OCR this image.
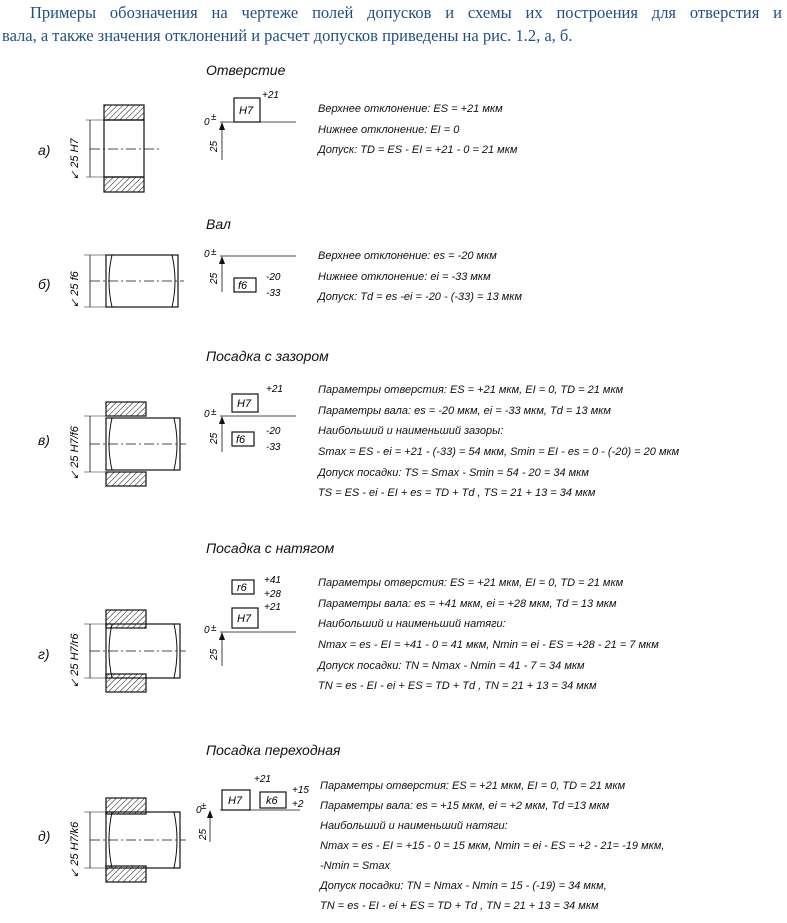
Примеры обозначения на чертеже полей допусков и схемы их построения для отверстия и
вала, а также значения отклонений и расчет допусков приведены на рис. 1.2, а, б.
Отверстие
а) ↙ 25 H7
H7
+21
0 ±
25
Верхнее отклонение: ES = +21 мкм
Нижнее отклонение: EI = 0
Допуск: TD = ES - EI = +21 - 0 = 21 мкм
Вал
б) ↙ 25 f6	f6
-20
-33
0 ±
25
Верхнее отклонение: es = -20 мкм
Нижнее отклонение: ei = -33 мкм
Допуск: Td = es -ei = -20 - (-33) = 13 мкм
Посадка с зазором
в) ↙ 25 H7/f6
H7
+21
f6
-20
-33
0 ±
25
Параметры отверстия: ES = +21 мкм, EI = 0, TD = 21 мкм
Параметры вала: es = -20 мкм, ei = -33 мкм, Td = 13 мкм
Наибольший и наименьший зазоры:
Smax = ES - ei = +21 - (-33) = 54 мкм, Smin = EI - es = 0 - (-20) = 20 мкм
Допуск посадки: TS = Smax - Smin = 54 - 20 = 34 мкм
TS = ES - ei - EI + es = TD + Td , TS = 21 + 13 = 34 мкм
Посадка с натягом
г) ↙ 25 H7/r6
r6
+41
+28
H7
+21
0 ±
25
Параметры отверстия: ES = +21 мкм, EI = 0, TD = 21 мкм
Параметры вала: es = +41 мкм, ei = +28 мкм, Td = 13 мкм
Наибольший и наименьший натяги:
Nmax = es - EI = +41 - 0 = 41 мкм, Nmin = ei - ES = +28 - 21 = 7 мкм
Допуск посадки: TN = Nmax - Nmin = 41 - 7 = 34 мкм
TN = es - EI - ei + ES = TD + Td , TN = 21 + 13 = 34 мкм
Посадка переходная
д) ↙ 25 H7/k6
H7
+21
k6
+15
+2
0 ±
25
Параметры отверстия: ES = +21 мкм, EI = 0, TD = 21 мкм
Параметры вала: es = +15 мкм, ei = +2 мкм, Td =13 мкм
Наибольший и наименьший натяги:
Nmax = es - EI = +15 - 0 = 15 мкм, Nmin = ei - ES = +2 - 21= -19 мкм,
-Nmin = Smax
Допуск посадки: TN = Nmax - Nmin = 15 - (-19) = 34 мкм,
TN = es - EI - ei + ES = TD + Td , TN = 21 + 13 = 34 мкм
